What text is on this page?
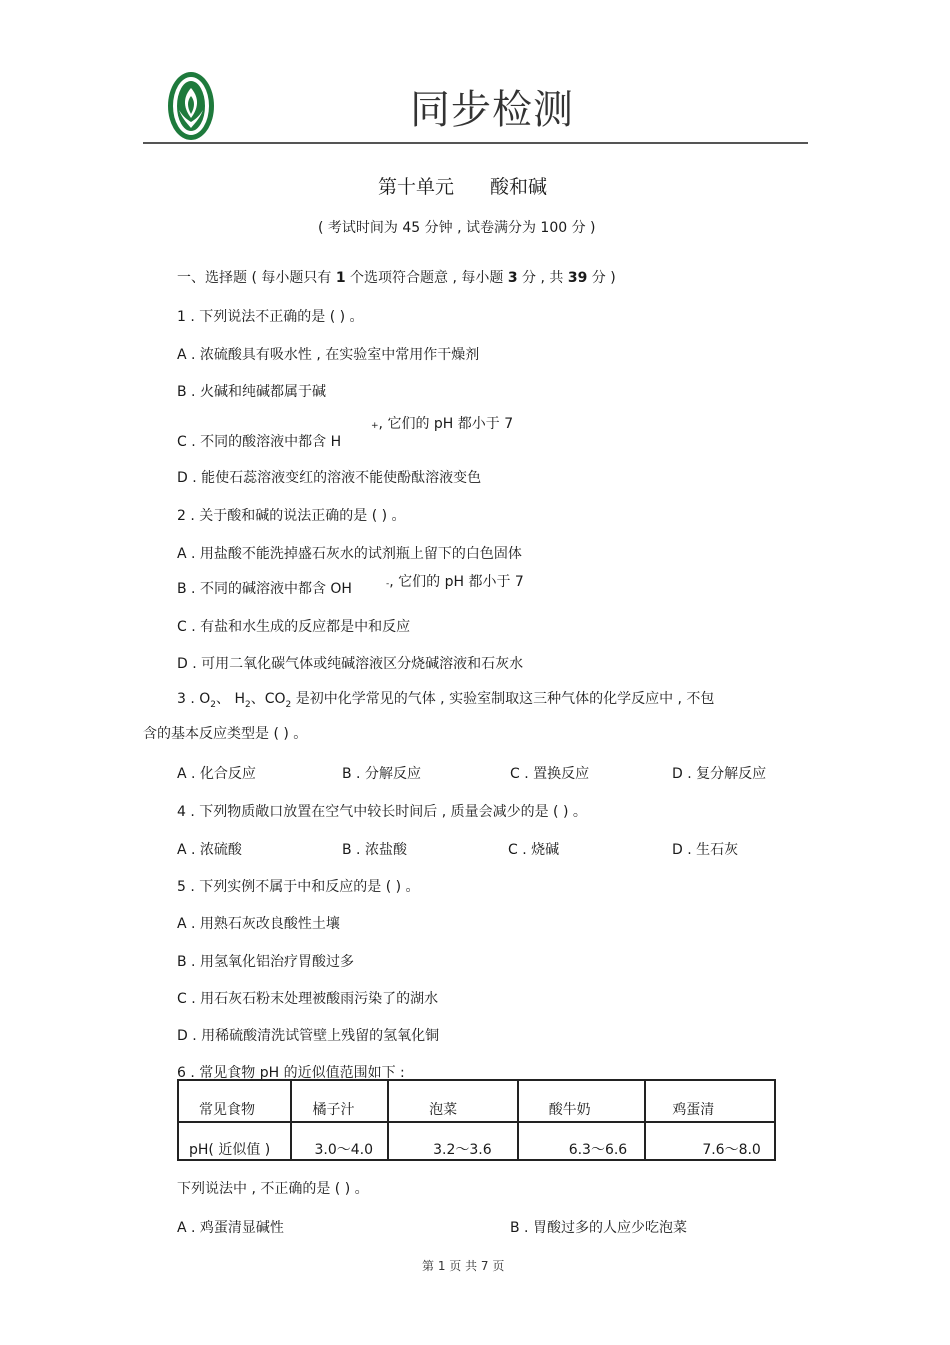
同步检测
第十单元 酸和碱
( 考试时间为 45 分钟 , 试卷满分为 100 分 )
一、选择题 ( 每小题只有 1 个选项符合题意 , 每小题 3 分 , 共 39 分 )
1 . 下列说法不正确的是 ( ) 。
A . 浓硫酸具有吸水性 , 在实验室中常用作干燥剂
B . 火碱和纯碱都属于碱
C . 不同的酸溶液中都含 H
+, 它们的 pH 都小于 7
D . 能使石蕊溶液变红的溶液不能使酚酞溶液变色
2 . 关于酸和碱的说法正确的是 ( ) 。
A . 用盐酸不能洗掉盛石灰水的试剂瓶上留下的白色固体
B . 不同的碱溶液中都含 OH	-, 它们的 pH 都小于 7
C . 有盐和水生成的反应都是中和反应
D . 可用二氧化碳气体或纯碱溶液区分烧碱溶液和石灰水
3 . $O_2$、 $H_2$、$CO_2$ 是初中化学常见的气体 , 实验室制取这三种气体的化学反应中 , 不包
含的基本反应类型是 ( ) 。
A . 化合反应	B . 分解反应	C . 置换反应	D . 复分解反应
4 . 下列物质敞口放置在空气中较长时间后 , 质量会减少的是 ( ) 。
A . 浓硫酸	B . 浓盐酸	C . 烧碱	D . 生石灰
5 . 下列实例不属于中和反应的是 ( ) 。
A . 用熟石灰改良酸性土壤
B . 用氢氧化铝治疗胃酸过多
C . 用石灰石粉末处理被酸雨污染了的湖水
D . 用稀硫酸清洗试管壁上残留的氢氧化铜
6 . 常见食物 pH 的近似值范围如下 :
常见食物	橘子汁	泡菜	酸牛奶	鸡蛋清
pH( 近似值 )	3.0～4.0	3.2～3.6	6.3～6.6	7.6～8.0
下列说法中 , 不正确的是 ( ) 。
A . 鸡蛋清显碱性	B . 胃酸过多的人应少吃泡菜
第 1 页 共 7 页
